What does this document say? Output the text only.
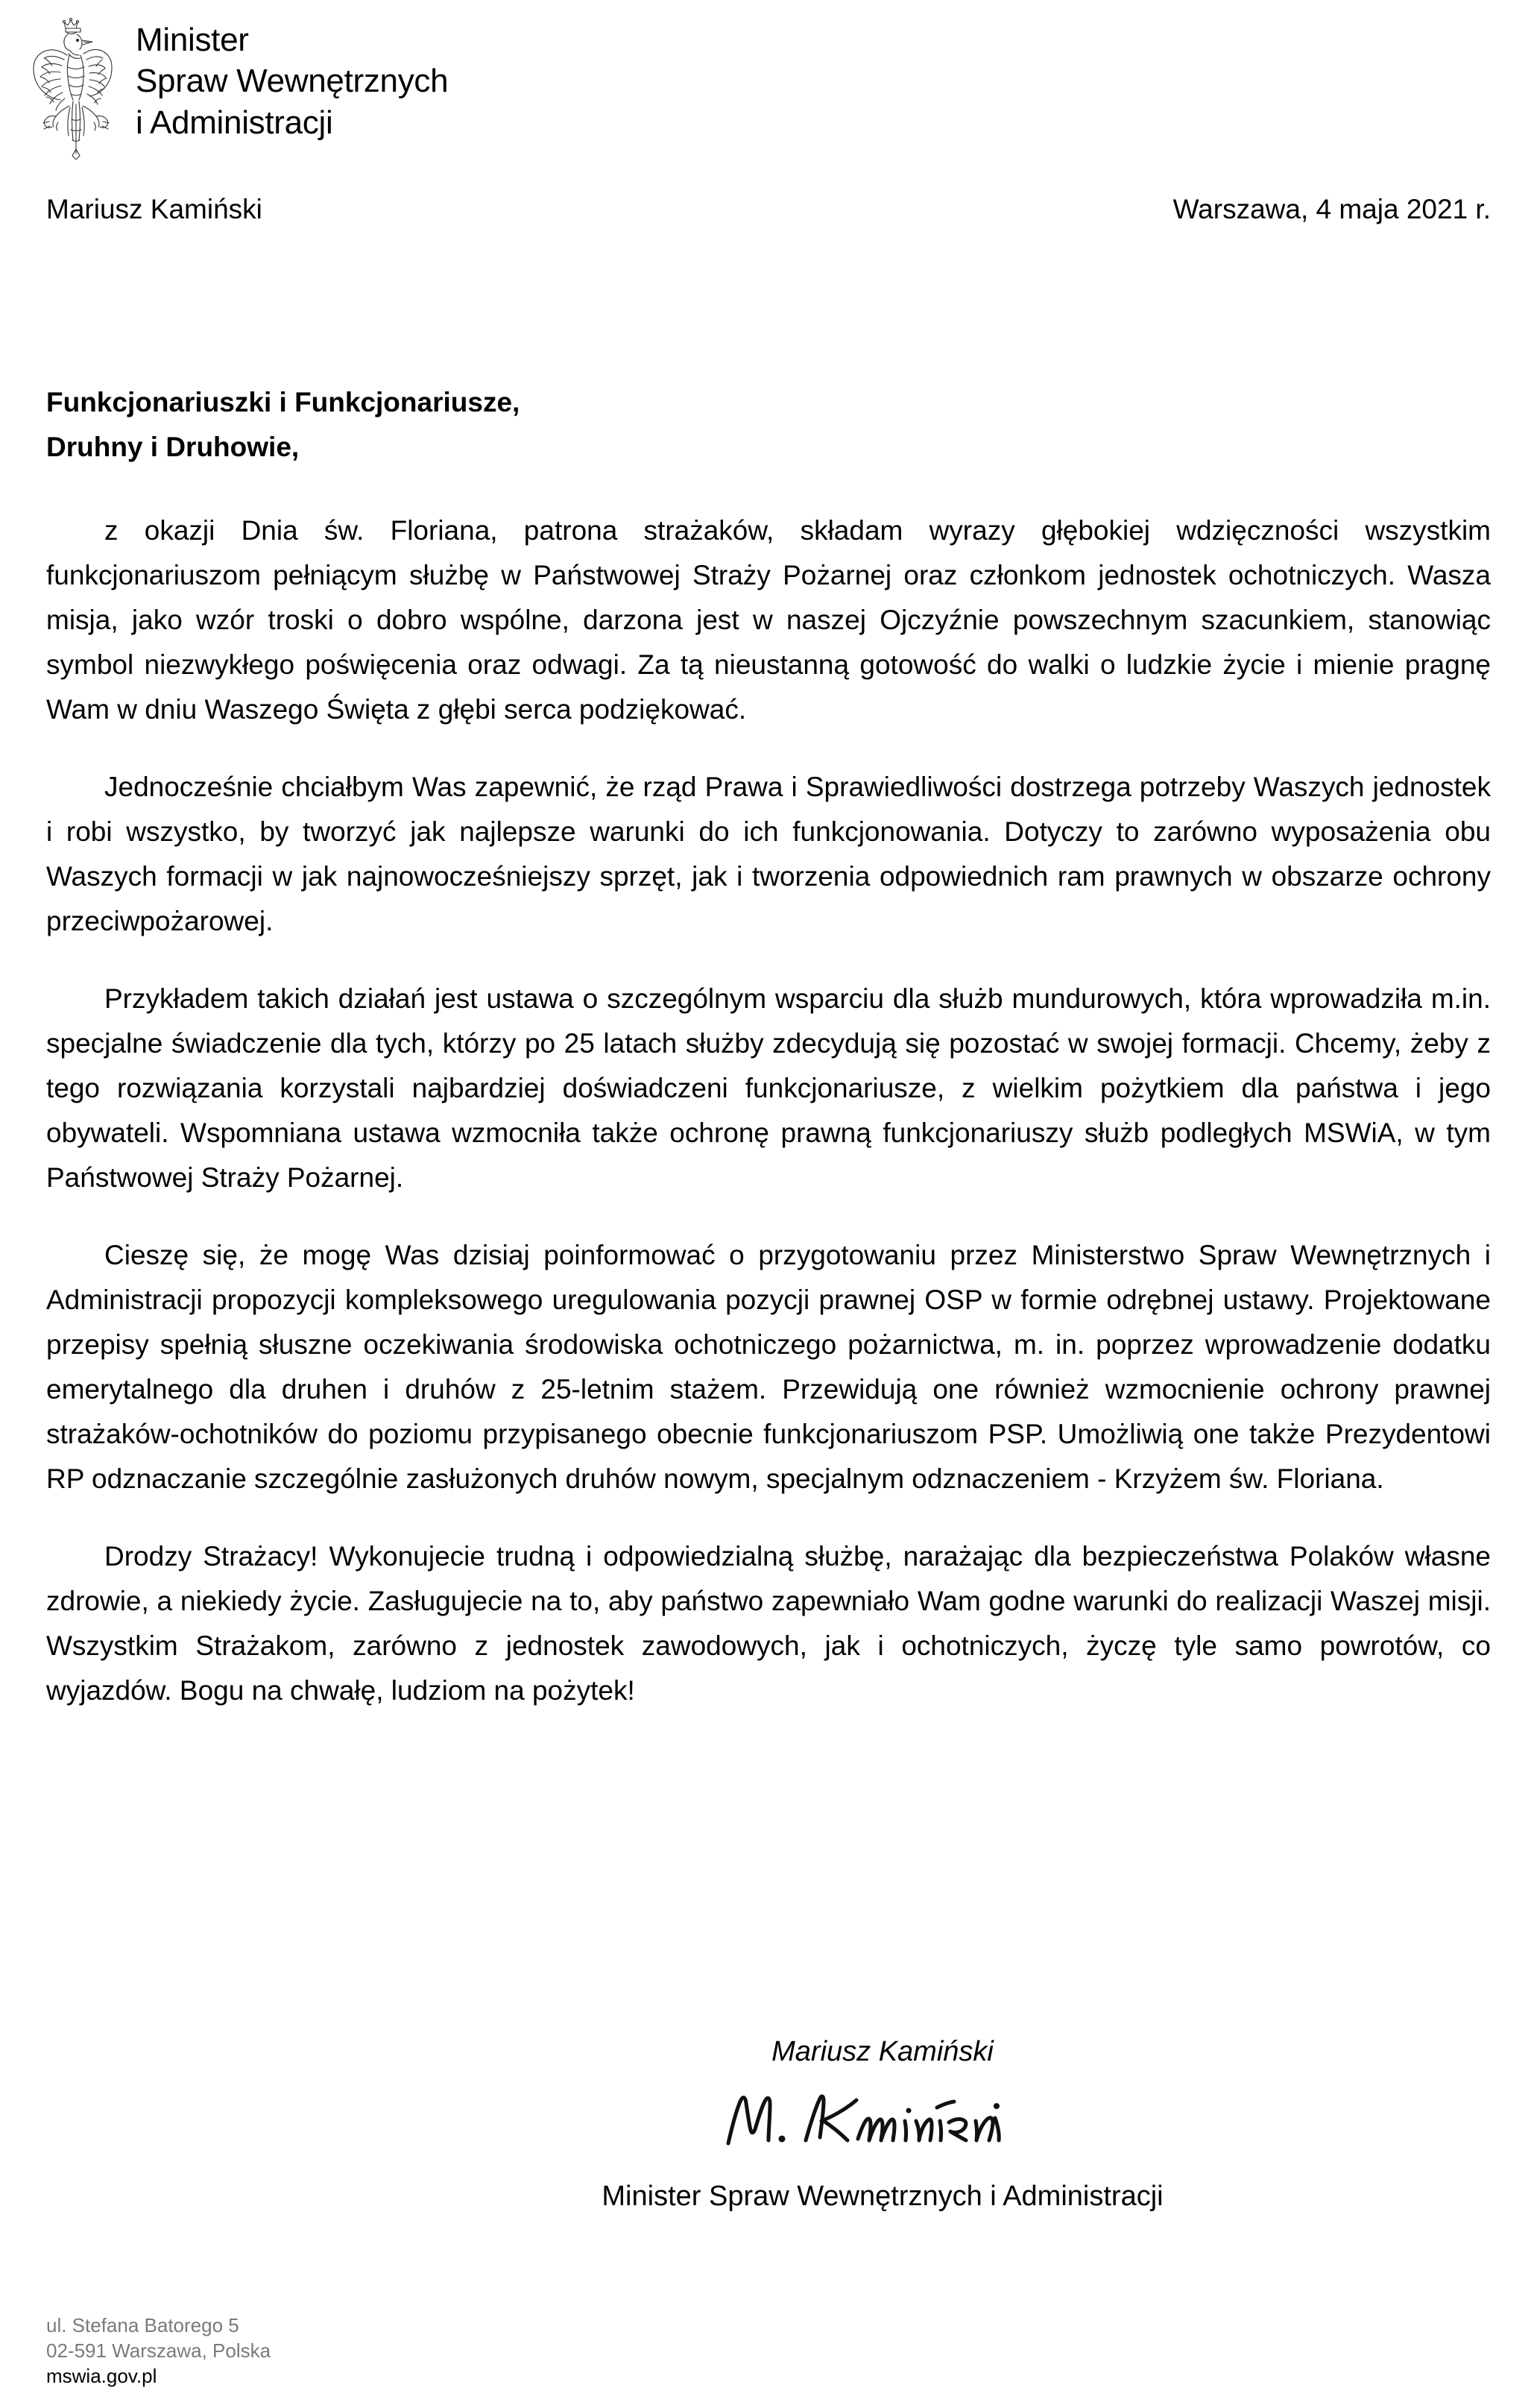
Minister
Spraw Wewnętrznych
i Administracji
Mariusz Kamiński	Warszawa, 4 maja 2021 r.
Funkcjonariuszki i Funkcjonariusze,
Druhny i Druhowie,

z okazji Dnia św. Floriana, patrona strażaków, składam wyrazy głębokiej wdzięczności wszystkim funkcjonariuszom pełniącym służbę w Państwowej Straży Pożarnej oraz członkom jednostek ochotniczych. Wasza misja, jako wzór troski o dobro wspólne, darzona jest w naszej Ojczyźnie powszechnym szacunkiem, stanowiąc symbol niezwykłego poświęcenia oraz odwagi. Za tą nieustanną gotowość do walki o ludzkie życie i mienie pragnę Wam w dniu Waszego Święta z głębi serca podziękować.

Jednocześnie chciałbym Was zapewnić, że rząd Prawa i Sprawiedliwości dostrzega potrzeby Waszych jednostek i robi wszystko, by tworzyć jak najlepsze warunki do ich funkcjonowania. Dotyczy to zarówno wyposażenia obu Waszych formacji w jak najnowocześniejszy sprzęt, jak i tworzenia odpowiednich ram prawnych w obszarze ochrony przeciwpożarowej.

Przykładem takich działań jest ustawa o szczególnym wsparciu dla służb mundurowych, która wprowadziła m.in. specjalne świadczenie dla tych, którzy po 25 latach służby zdecydują się pozostać w swojej formacji. Chcemy, żeby z tego rozwiązania korzystali najbardziej doświadczeni funkcjonariusze, z wielkim pożytkiem dla państwa i jego obywateli. Wspomniana ustawa wzmocniła także ochronę prawną funkcjonariuszy służb podległych MSWiA, w tym Państwowej Straży Pożarnej.

Cieszę się, że mogę Was dzisiaj poinformować o przygotowaniu przez Ministerstwo Spraw Wewnętrznych i Administracji propozycji kompleksowego uregulowania pozycji prawnej OSP w formie odrębnej ustawy. Projektowane przepisy spełnią słuszne oczekiwania środowiska ochotniczego pożarnictwa, m. in. poprzez wprowadzenie dodatku emerytalnego dla druhen i druhów z 25-letnim stażem. Przewidują one również wzmocnienie ochrony prawnej strażaków-ochotników do poziomu przypisanego obecnie funkcjonariuszom PSP. Umożliwią one także Prezydentowi RP odznaczanie szczególnie zasłużonych druhów nowym, specjalnym odznaczeniem - Krzyżem św. Floriana.

Drodzy Strażacy! Wykonujecie trudną i odpowiedzialną służbę, narażając dla bezpieczeństwa Polaków własne zdrowie, a niekiedy życie. Zasługujecie na to, aby państwo zapewniało Wam godne warunki do realizacji Waszej misji. Wszystkim Strażakom, zarówno z jednostek zawodowych, jak i ochotniczych, życzę tyle samo powrotów, co wyjazdów. Bogu na chwałę, ludziom na pożytek!

Mariusz Kamiński
Minister Spraw Wewnętrznych i Administracji
ul. Stefana Batorego 5
02-591 Warszawa, Polska
mswia.gov.pl
